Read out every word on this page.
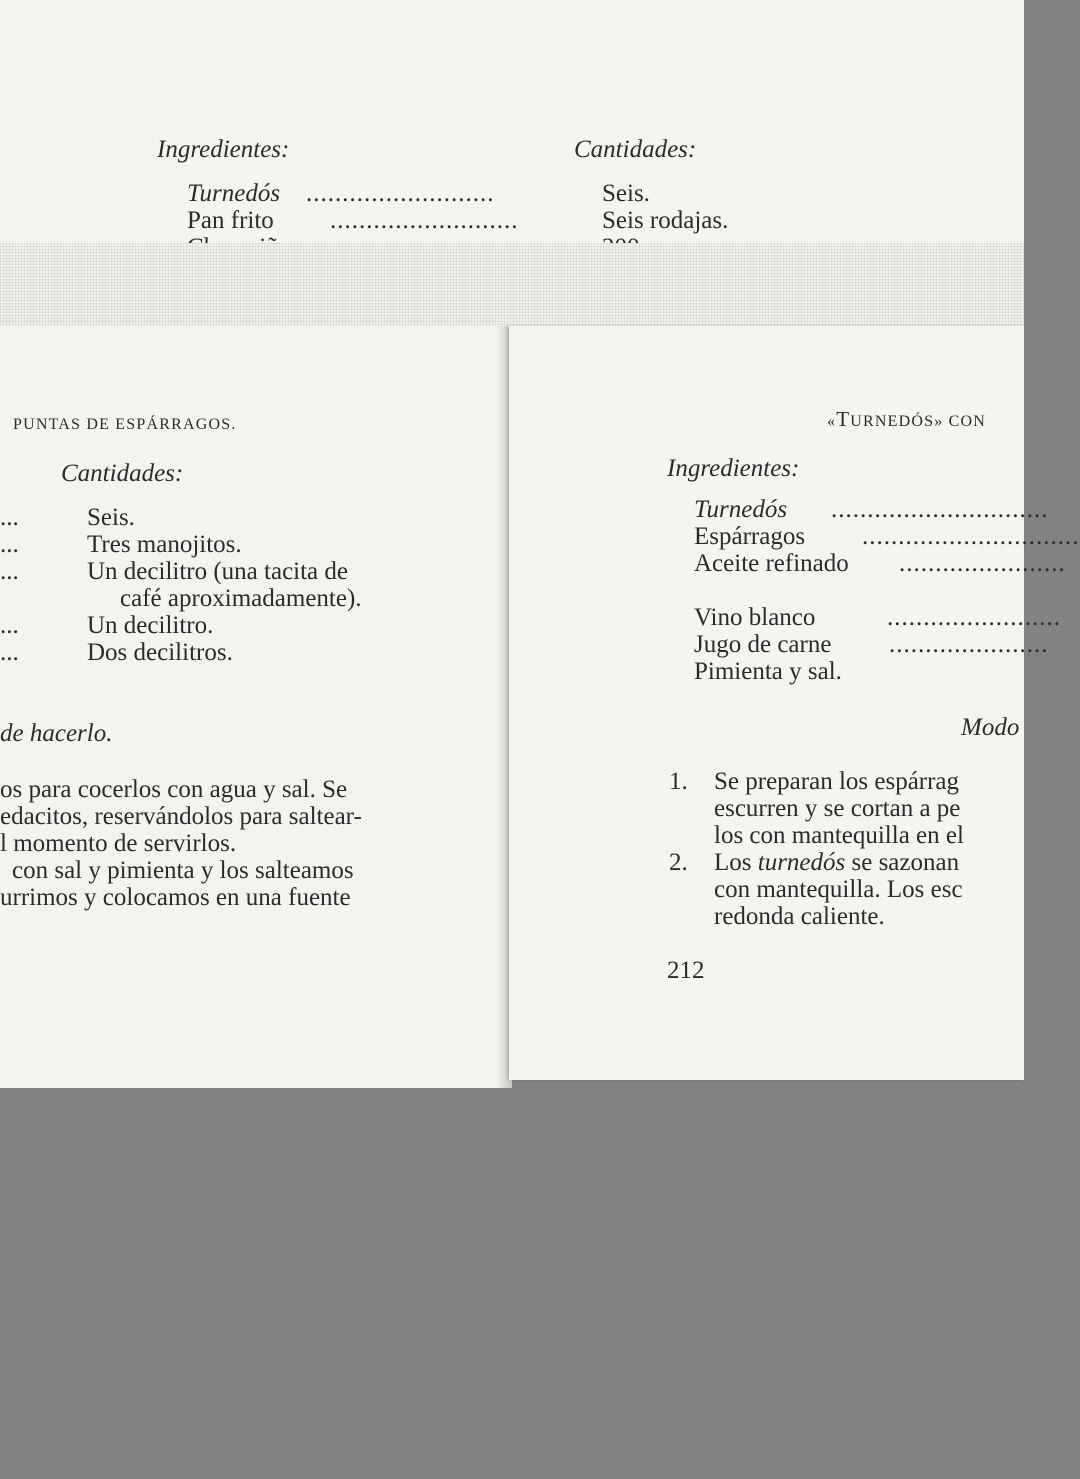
Ingredientes:	Cantidades:
Turnedós ..........................	Seis.
Pan frito ..........................	Seis rodajas.
PUNTAS DE ESPÁRRAGOS.
Cantidades:
...	Seis.
...	Tres manojitos.
...	Un decilitro (una tacita de
café aproximadamente).
...	Un decilitro.
...	Dos decilitros.
de hacerlo.
os para cocerlos con agua y sal. Se
edacitos, reservándolos para saltear-
l momento de servirlos.
con sal y pimienta y los salteamos
urrimos y colocamos en una fuente
«TURNEDÓS» CON
Ingredientes:
Turnedós ..............................
Espárragos ..............................
Aceite refinado .......................
Vino blanco	........................
Jugo de carne ......................
Pimienta y sal.
Modo
1. Se preparan los espárrag
escurren y se cortan a pe
los con mantequilla en el
2. Los turnedós se sazonan
con mantequilla. Los esc
redonda caliente.
212
